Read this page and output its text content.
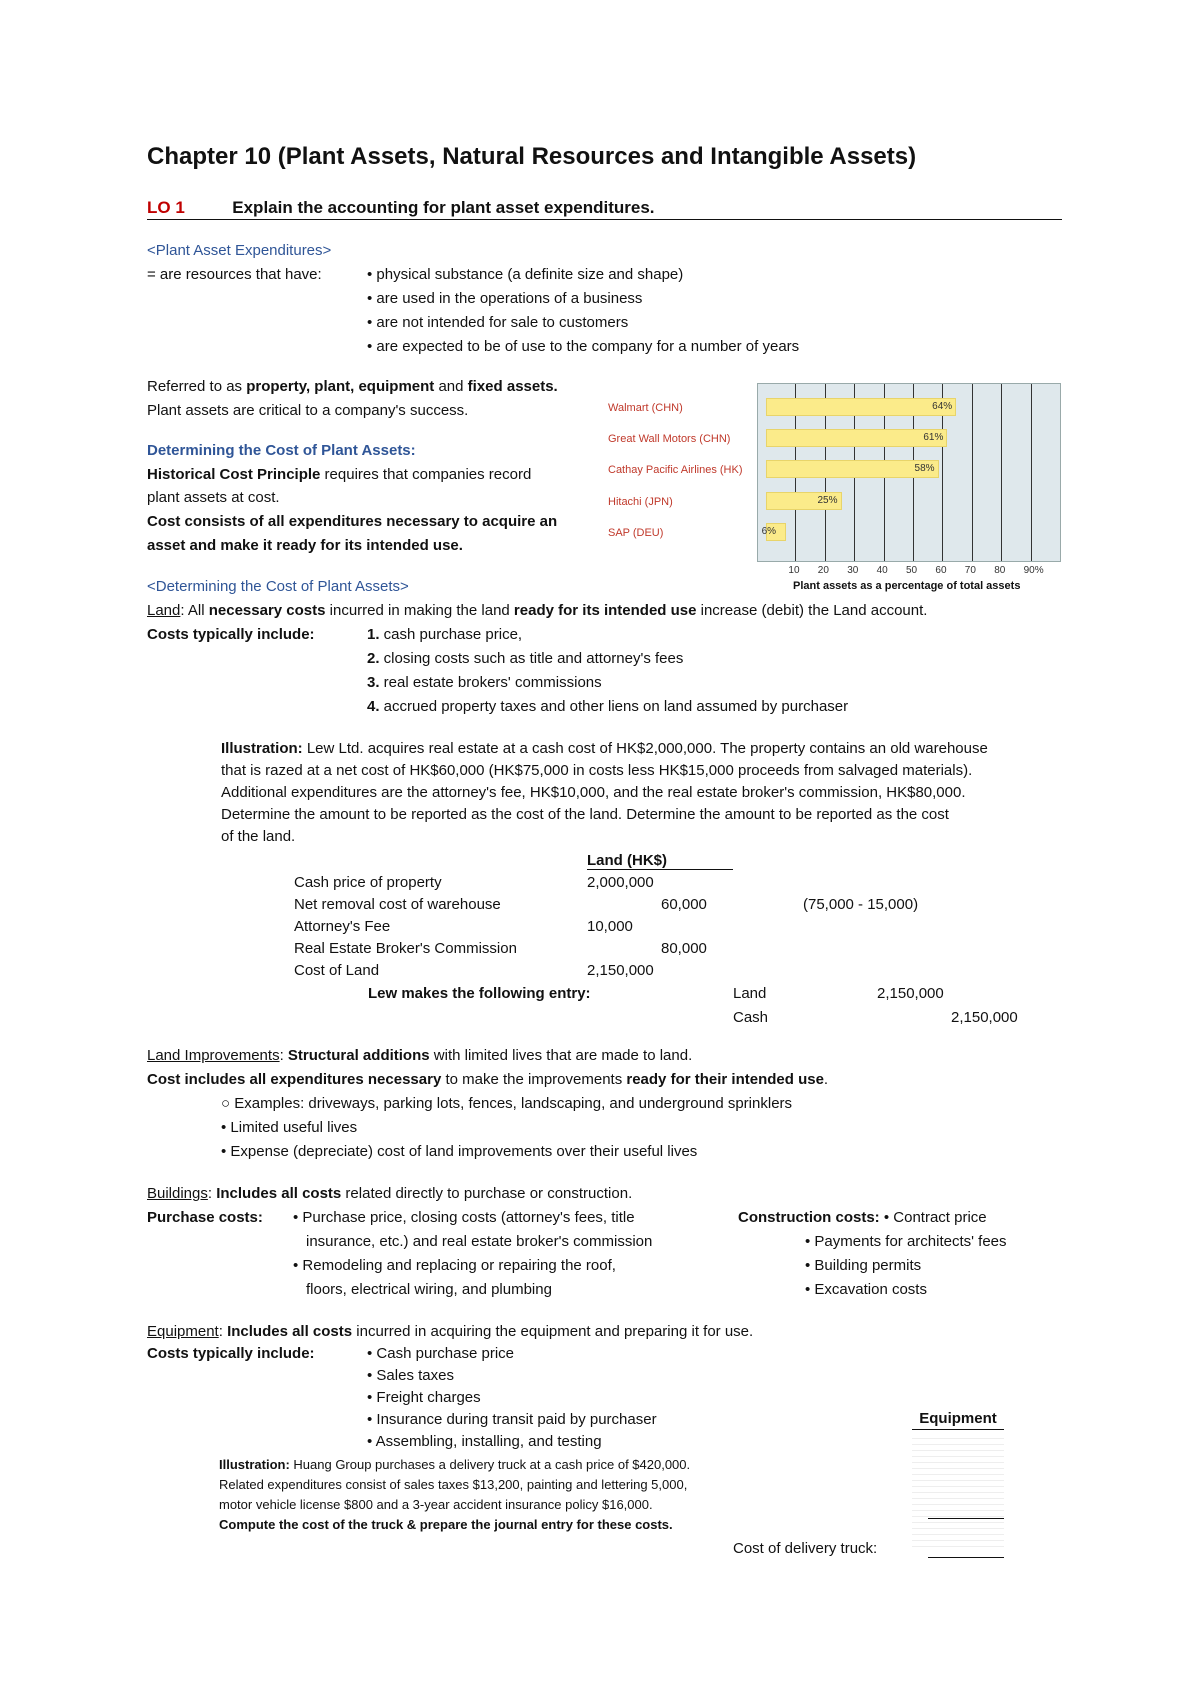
Chapter 10 (Plant Assets, Natural Resources and Intangible Assets)
LO 1	Explain the accounting for plant asset expenditures.
<Plant Asset Expenditures>
= are resources that have:	• physical substance (a definite size and shape)
• are used in the operations of a business
• are not intended for sale to customers
• are expected to be of use to the company for a number of years
Referred to as property, plant, equipment and fixed assets.
Plant assets are critical to a company's success.
Determining the Cost of Plant Assets:
Historical Cost Principle requires that companies record
plant assets at cost.
Cost consists of all expenditures necessary to acquire an
asset and make it ready for its intended use.
Walmart (CHN)
Great Wall Motors (CHN)
Cathay Pacific Airlines (HK)
Hitachi (JPN)
SAP (DEU)
64%
61%
58%
25%
6%
10 20 30 40 50 60 70 80 90%
Plant assets as a percentage of total assets
<Determining the Cost of Plant Assets>
Land: All necessary costs incurred in making the land ready for its intended use increase (debit) the Land account.
Costs typically include:	1. cash purchase price,
2. closing costs such as title and attorney's fees
3. real estate brokers' commissions
4. accrued property taxes and other liens on land assumed by purchaser
Illustration: Lew Ltd. acquires real estate at a cash cost of HK$2,000,000. The property contains an old warehouse
that is razed at a net cost of HK$60,000 (HK$75,000 in costs less HK$15,000 proceeds from salvaged materials).
Additional expenditures are the attorney's fee, HK$10,000, and the real estate broker's commission, HK$80,000.
Determine the amount to be reported as the cost of the land. Determine the amount to be reported as the cost
of the land.
Land (HK$)
Cash price of property	2,000,000
Net removal cost of warehouse	60,000	(75,000 - 15,000)
Attorney's Fee	10,000
Real Estate Broker's Commission	80,000
Cost of Land	2,150,000
Lew makes the following entry:	Land	2,150,000
Cash	2,150,000
Land Improvements: Structural additions with limited lives that are made to land.
Cost includes all expenditures necessary to make the improvements ready for their intended use.
○ Examples: driveways, parking lots, fences, landscaping, and underground sprinklers
• Limited useful lives
• Expense (depreciate) cost of land improvements over their useful lives
Buildings: Includes all costs related directly to purchase or construction.
Purchase costs: • Purchase price, closing costs (attorney's fees, title
insurance, etc.) and real estate broker's commission
• Remodeling and replacing or repairing the roof,
floors, electrical wiring, and plumbing
Construction costs: • Contract price
• Payments for architects' fees
• Building permits
• Excavation costs
Equipment: Includes all costs incurred in acquiring the equipment and preparing it for use.
Costs typically include:	• Cash purchase price
• Sales taxes
• Freight charges
• Insurance during transit paid by purchaser
• Assembling, installing, and testing
Equipment
Illustration: Huang Group purchases a delivery truck at a cash price of $420,000.
Related expenditures consist of sales taxes $13,200, painting and lettering 5,000,
motor vehicle license $800 and a 3-year accident insurance policy $16,000.
Compute the cost of the truck & prepare the journal entry for these costs.
Cost of delivery truck:
